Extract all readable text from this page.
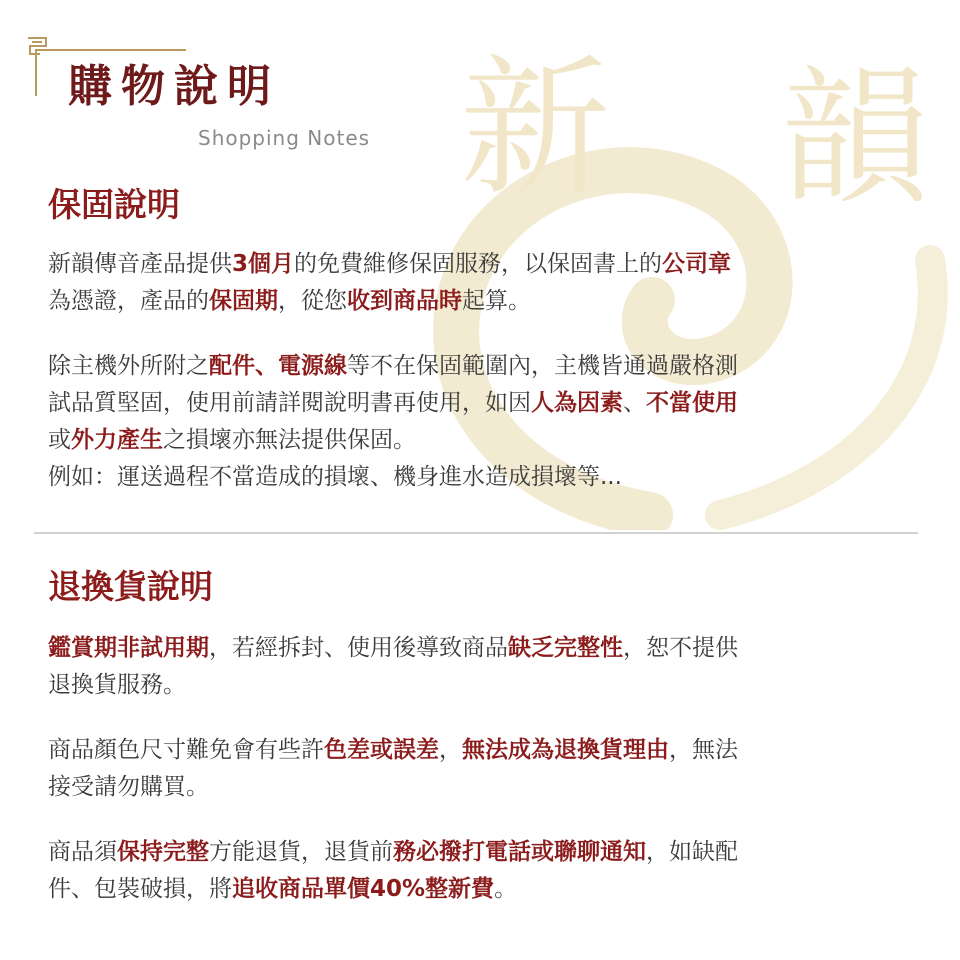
新 韻
購物說明
Shopping Notes
保固說明

新韻傳音產品提供3個月的免費維修保固服務，以保固書上的公司章

為憑證，產品的保固期，從您收到商品時起算。

除主機外所附之配件、電源線等不在保固範圍內，主機皆通過嚴格測

試品質堅固，使用前請詳閱說明書再使用，如因人為因素、不當使用

或外力產生之損壞亦無法提供保固。

例如：運送過程不當造成的損壞、機身進水造成損壞等...

退換貨說明

鑑賞期非試用期，若經拆封、使用後導致商品缺乏完整性，恕不提供

退換貨服務。

商品顏色尺寸難免會有些許色差或誤差，無法成為退換貨理由，無法

接受請勿購買。

商品須保持完整方能退貨，退貨前務必撥打電話或聯聊通知，如缺配

件、包裝破損，將追收商品單價40%整新費。
